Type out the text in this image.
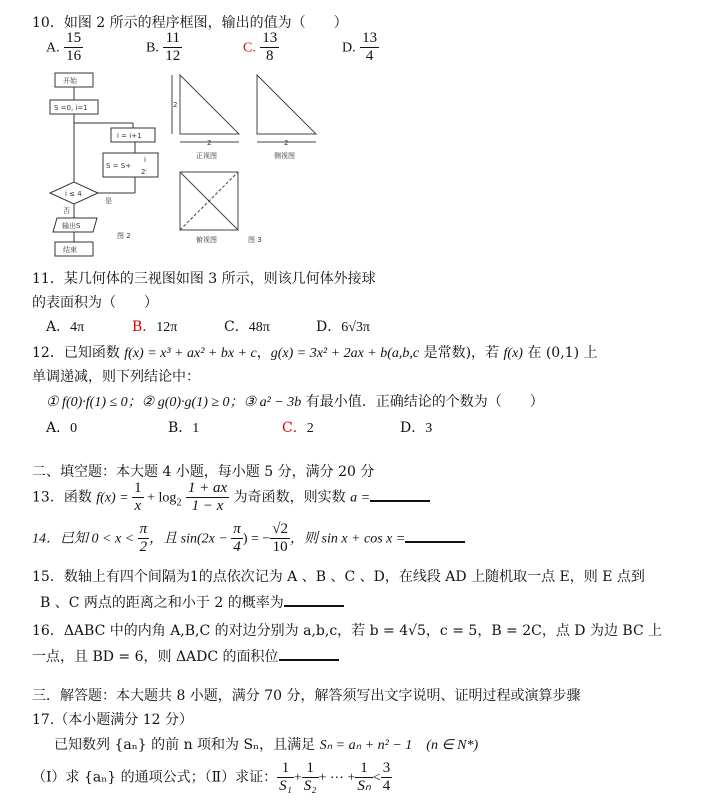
10．如图 2 所示的程序框图，输出的值为（　　）
A. $\frac{15}{16}$	B. $\frac{11}{12}$	C. $\frac{13}{8}$	D. $\frac{13}{4}$
开始
S =0, i=1
i ≤ 4
i = i+1
S = S+
i
2ⁱ
是
否
输出S
结束
图 2
2
2	2
正视图	侧视图
俯视图	图 3
11．某几何体的三视图如图 3 所示，则该几何体外接球
的表面积为（　　）
A．4π	B．12π	C．48π	D．6√3π
12．已知函数 f(x) = x³ + ax² + bx + c，g(x) = 3x² + 2ax + b(a,b,c 是常数)，若 f(x) 在 (0,1) 上
单调递减，则下列结论中：
① f(0)·f(1) ≤ 0；② g(0)·g(1) ≥ 0；③ a² − 3b 有最小值．正确结论的个数为（　　）
A．0	B．1	C．2	D．3
二、填空题：本大题 4 小题，每小题 5 分，满分 20 分
13．函数 $f(x) = \frac{1}{x} + \log_2 \frac{1 + ax}{1 - x}$ 为奇函数，则实数 a =
14．已知 $0 < x < \frac{\pi}{2}$ ，且 $\sin(2x - \frac{\pi}{4}$ ) = − $\frac{√2}{10}$ ，则 sin x + cos x =
15．数轴上有四个间隔为1的点依次记为 A 、B 、C 、D，在线段 AD 上随机取一点 E，则 E 点到
B 、C 两点的距离之和小于 2 的概率为
16．ΔABC 中的内角 A,B,C 的对边分别为 a,b,c，若 b = 4√5，c = 5，B = 2C，点 D 为边 BC 上
一点，且 BD = 6，则 ΔADC 的面积位
三．解答题：本大题共 8 小题，满分 70 分，解答须写出文字说明、证明过程或演算步骤
17.（本小题满分 12 分）
已知数列 {aₙ} 的前 n 项和为 Sₙ，且满足 Sₙ = aₙ + n² − 1　(n ∈ N*)
（Ⅰ）求 {aₙ} 的通项公式；（Ⅱ）求证： $\frac{1}{\text{S₁}} + \frac{1}{\text{S₂}}$ + ⋯ + $\frac{1}{\text{Sₙ}} < \frac{3}{4}$
